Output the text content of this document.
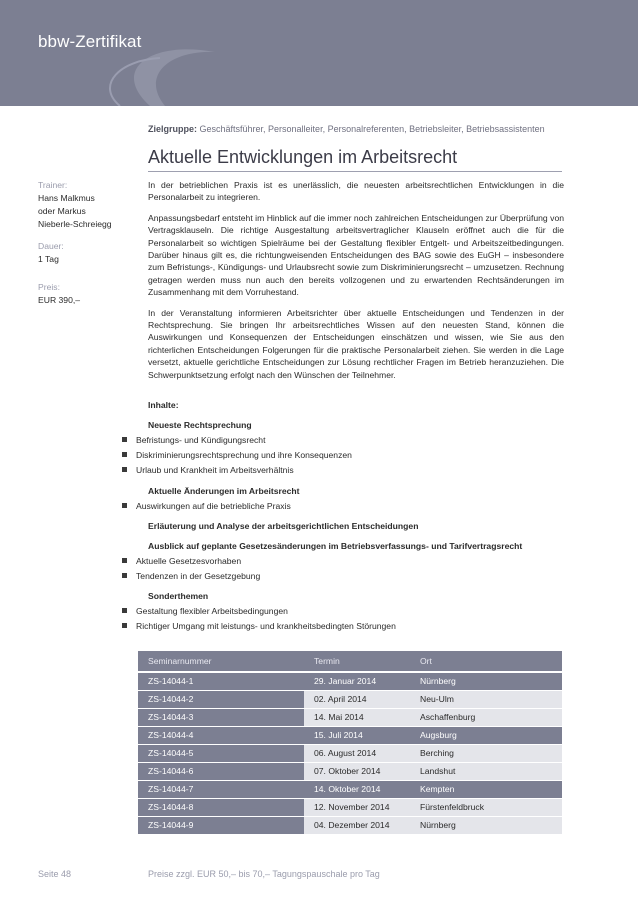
bbw-Zertifikat
Zielgruppe: Geschäftsführer, Personalleiter, Personalreferenten, Betriebsleiter, Betriebsassistenten
Aktuelle Entwicklungen im Arbeitsrecht
Trainer:
Hans Malkmus
oder Markus
Nieberle-Schreiegg
Dauer:
1 Tag
Preis:
EUR 390,–

In der betrieblichen Praxis ist es unerlässlich, die neuesten arbeitsrechtlichen Entwicklungen in die Personalarbeit zu integrieren.

Anpassungsbedarf entsteht im Hinblick auf die immer noch zahlreichen Entscheidungen zur Überprüfung von Vertragsklauseln. Die richtige Ausgestaltung arbeitsvertraglicher Klauseln eröffnet auch die für die Personalarbeit so wichtigen Spielräume bei der Gestaltung flexibler Entgelt- und Arbeitszeitbedingungen. Darüber hinaus gilt es, die richtungweisenden Entscheidungen des BAG sowie des EuGH – insbesondere zum Befristungs-, Kündigungs- und Urlaubsrecht sowie zum Diskriminierungsrecht – umzusetzen. Rechnung getragen werden muss nun auch den bereits vollzogenen und zu erwartenden Rechtsänderungen im Zusammenhang mit dem Vorruhestand.

In der Veranstaltung informieren Arbeitsrichter über aktuelle Entscheidungen und Tendenzen in der Rechtsprechung. Sie bringen Ihr arbeitsrechtliches Wissen auf den neuesten Stand, können die Auswirkungen und Konsequenzen der Entscheidungen einschätzen und wissen, wie Sie aus den richterlichen Entscheidungen Folgerungen für die praktische Personalarbeit ziehen. Sie werden in die Lage versetzt, aktuelle gerichtliche Entscheidungen zur Lösung rechtlicher Fragen im Betrieb heranzuziehen. Die Schwerpunktsetzung erfolgt nach den Wünschen der Teilnehmer.

Inhalte:
Neueste Rechtsprechung
Befristungs- und Kündigungsrecht
Diskriminierungsrechtsprechung und ihre Konsequenzen
Urlaub und Krankheit im Arbeitsverhältnis
Aktuelle Änderungen im Arbeitsrecht
Auswirkungen auf die betriebliche Praxis
Erläuterung und Analyse der arbeitsgerichtlichen Entscheidungen
Ausblick auf geplante Gesetzesänderungen im Betriebsverfassungs- und Tarifvertragsrecht
Aktuelle Gesetzesvorhaben
Tendenzen in der Gesetzgebung
Sonderthemen
Gestaltung flexibler Arbeitsbedingungen
Richtiger Umgang mit leistungs- und krankheitsbedingten Störungen
Seminarnummer	Termin	Ort
ZS-14044-1	29. Januar 2014	Nürnberg
ZS-14044-2	02. April 2014	Neu-Ulm
ZS-14044-3	14. Mai 2014	Aschaffenburg
ZS-14044-4	15. Juli 2014	Augsburg
ZS-14044-5	06. August 2014	Berching
ZS-14044-6	07. Oktober 2014	Landshut
ZS-14044-7	14. Oktober 2014	Kempten
ZS-14044-8	12. November 2014	Fürstenfeldbruck
ZS-14044-9	04. Dezember 2014	Nürnberg
Seite 48	Preise zzgl. EUR 50,– bis 70,– Tagungspauschale pro Tag
